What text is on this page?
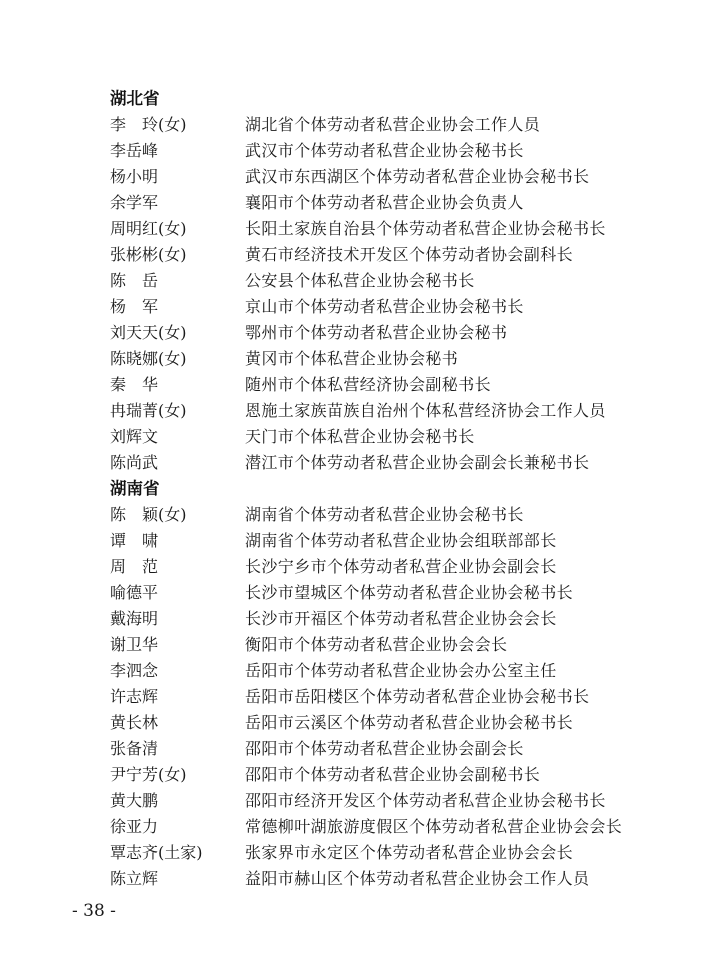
湖北省
李　玲(女)	湖北省个体劳动者私营企业协会工作人员
李岳峰	武汉市个体劳动者私营企业协会秘书长
杨小明	武汉市东西湖区个体劳动者私营企业协会秘书长
余学军	襄阳市个体劳动者私营企业协会负责人
周明红(女)	长阳土家族自治县个体劳动者私营企业协会秘书长
张彬彬(女)	黄石市经济技术开发区个体劳动者协会副科长
陈　岳	公安县个体私营企业协会秘书长
杨　军	京山市个体劳动者私营企业协会秘书长
刘天天(女)	鄂州市个体劳动者私营企业协会秘书
陈晓娜(女)	黄冈市个体私营企业协会秘书
秦　华	随州市个体私营经济协会副秘书长
冉瑞菁(女)	恩施土家族苗族自治州个体私营经济协会工作人员
刘辉文	天门市个体私营企业协会秘书长
陈尚武	潜江市个体劳动者私营企业协会副会长兼秘书长
湖南省
陈　颖(女)	湖南省个体劳动者私营企业协会秘书长
谭　啸	湖南省个体劳动者私营企业协会组联部部长
周　范	长沙宁乡市个体劳动者私营企业协会副会长
喻德平	长沙市望城区个体劳动者私营企业协会秘书长
戴海明	长沙市开福区个体劳动者私营企业协会会长
谢卫华	衡阳市个体劳动者私营企业协会会长
李泗念	岳阳市个体劳动者私营企业协会办公室主任
许志辉	岳阳市岳阳楼区个体劳动者私营企业协会秘书长
黄长林	岳阳市云溪区个体劳动者私营企业协会秘书长
张备清	邵阳市个体劳动者私营企业协会副会长
尹宁芳(女)	邵阳市个体劳动者私营企业协会副秘书长
黄大鹏	邵阳市经济开发区个体劳动者私营企业协会秘书长
徐亚力	常德柳叶湖旅游度假区个体劳动者私营企业协会会长
覃志齐(土家)	张家界市永定区个体劳动者私营企业协会会长
陈立辉	益阳市赫山区个体劳动者私营企业协会工作人员
- 38 -
